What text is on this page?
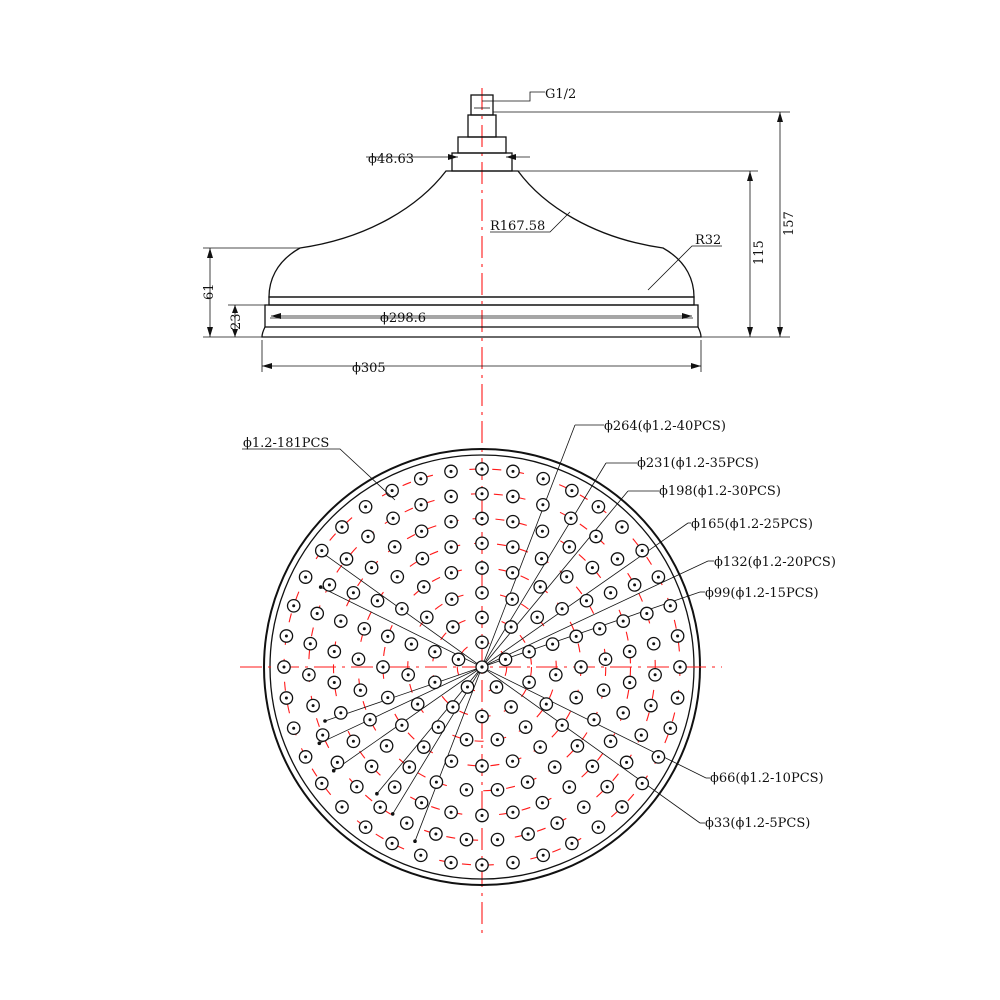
G1/2
ϕ48.63
R167.58
R32
ϕ298.6
ϕ305
157
115
61
23
ϕ1.2-181PCS
ϕ264(ϕ1.2-40PCS)
ϕ231(ϕ1.2-35PCS)
ϕ198(ϕ1.2-30PCS)
ϕ165(ϕ1.2-25PCS)
ϕ132(ϕ1.2-20PCS)
ϕ99(ϕ1.2-15PCS)
ϕ66(ϕ1.2-10PCS)
ϕ33(ϕ1.2-5PCS)
